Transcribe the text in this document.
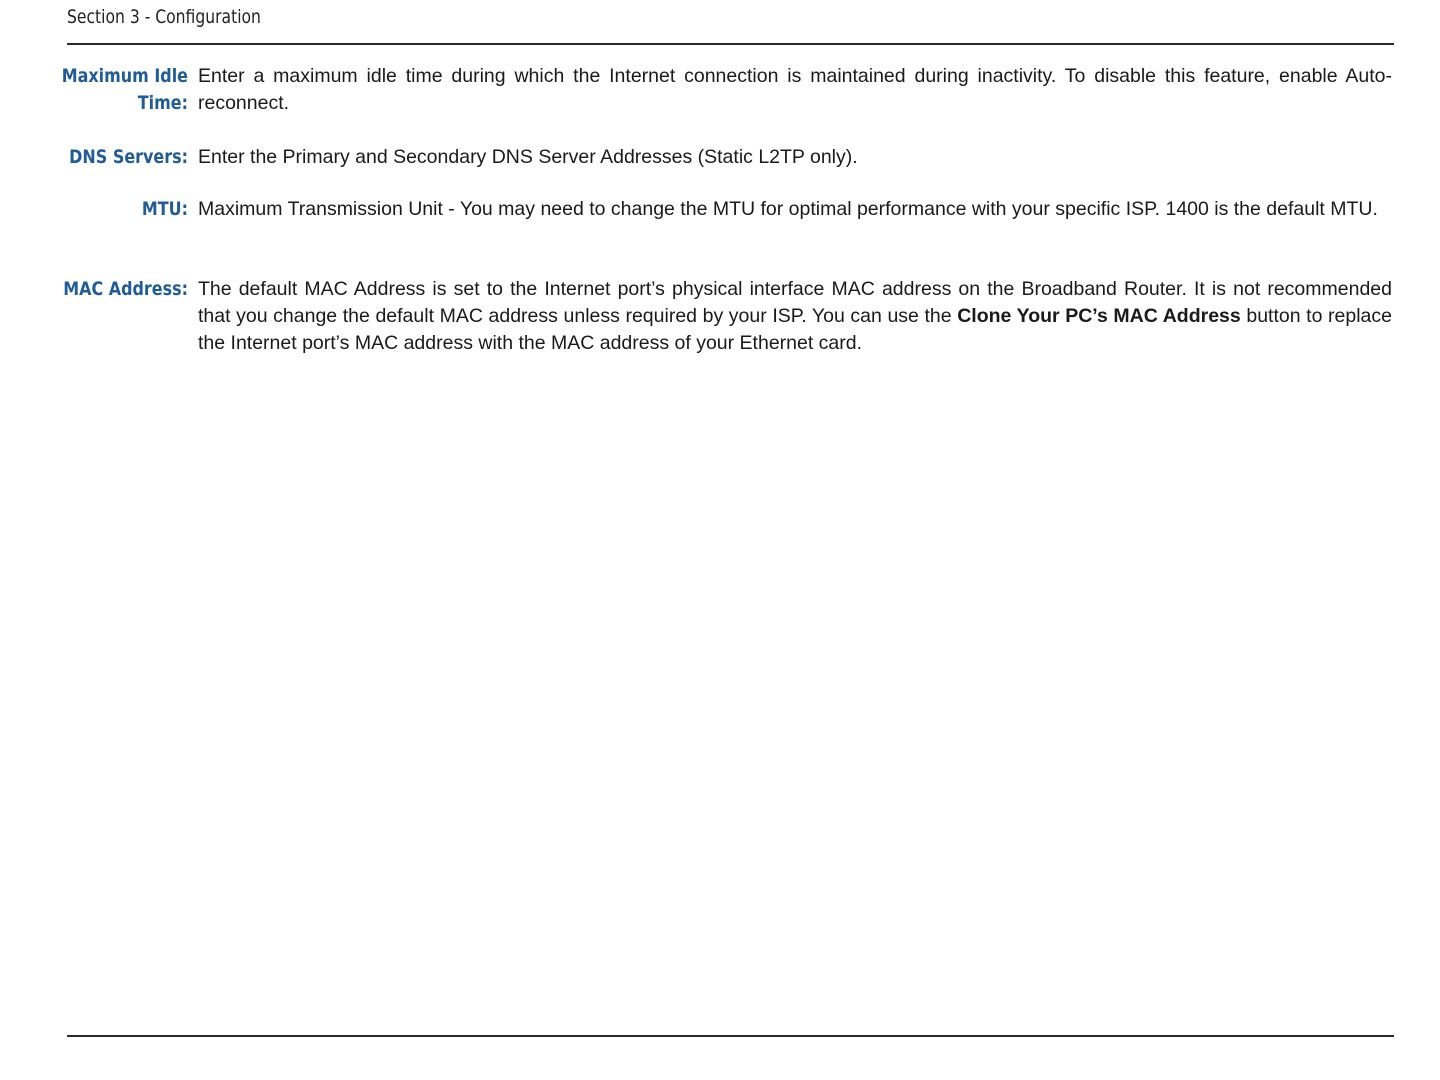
Section 3 - Configuration
Maximum Idle Time:

Enter a maximum idle time during which the Internet connection is maintained during inactivity. To disable this feature, enable Auto-reconnect.

DNS Servers: Enter the Primary and Secondary DNS Server Addresses (Static L2TP only).

MTU: Maximum Transmission Unit - You may need to change the MTU for optimal performance with your specific ISP. 1400 is the default MTU.

MAC Address: The default MAC Address is set to the Internet port’s physical interface MAC address on the Broadband Router. It is not recommended that you change the default MAC address unless required by your ISP. You can use the Clone Your PC’s MAC Address button to replace the Internet port’s MAC address with the MAC address of your Ethernet card.
